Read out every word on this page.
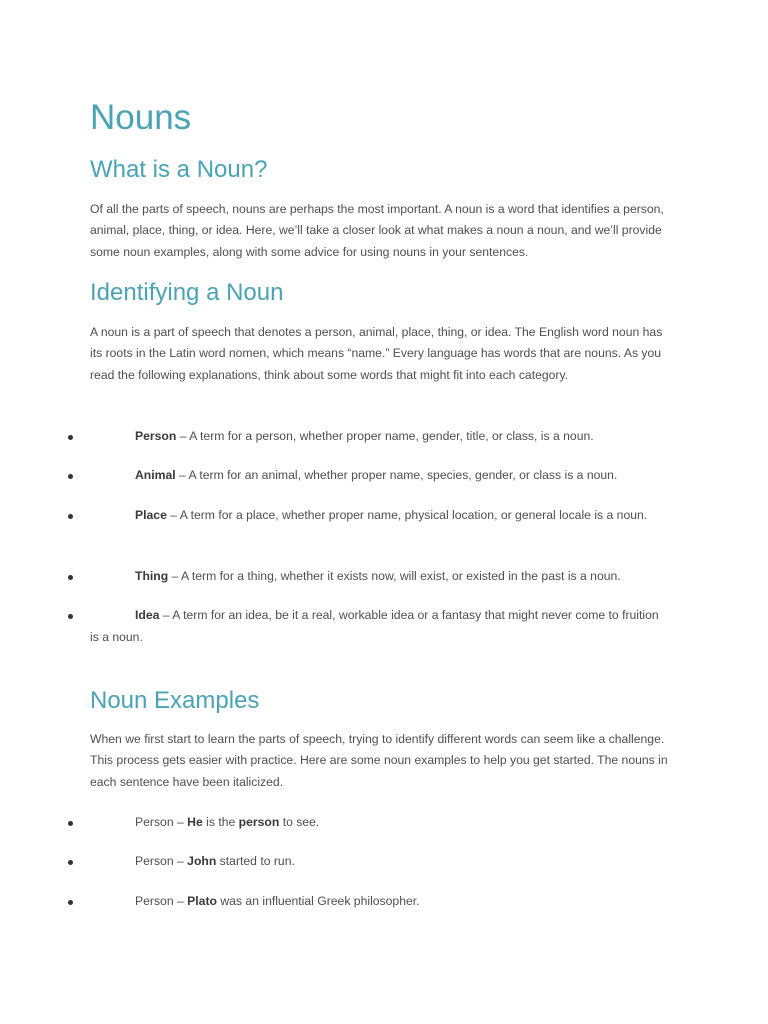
Nouns
What is a Noun?

Of all the parts of speech, nouns are perhaps the most important. A noun is a word that identifies a person, animal, place, thing, or idea. Here, we’ll take a closer look at what makes a noun a noun, and we’ll provide some noun examples, along with some advice for using nouns in your sentences.

Identifying a Noun

A noun is a part of speech that denotes a person, animal, place, thing, or idea. The English word noun has its roots in the Latin word nomen, which means “name.” Every language has words that are nouns. As you read the following explanations, think about some words that might fit into each category.

Person – A term for a person, whether proper name, gender, title, or class, is a noun.
Animal – A term for an animal, whether proper name, species, gender, or class is a noun.
Place – A term for a place, whether proper name, physical location, or general locale is a noun.
Thing – A term for a thing, whether it exists now, will exist, or existed in the past is a noun.
Idea – A term for an idea, be it a real, workable idea or a fantasy that might never come to fruition is a noun.
Noun Examples

When we first start to learn the parts of speech, trying to identify different words can seem like a challenge. This process gets easier with practice. Here are some noun examples to help you get started. The nouns in each sentence have been italicized.

Person – He is the person to see.
Person – John started to run.
Person – Plato was an influential Greek philosopher.
